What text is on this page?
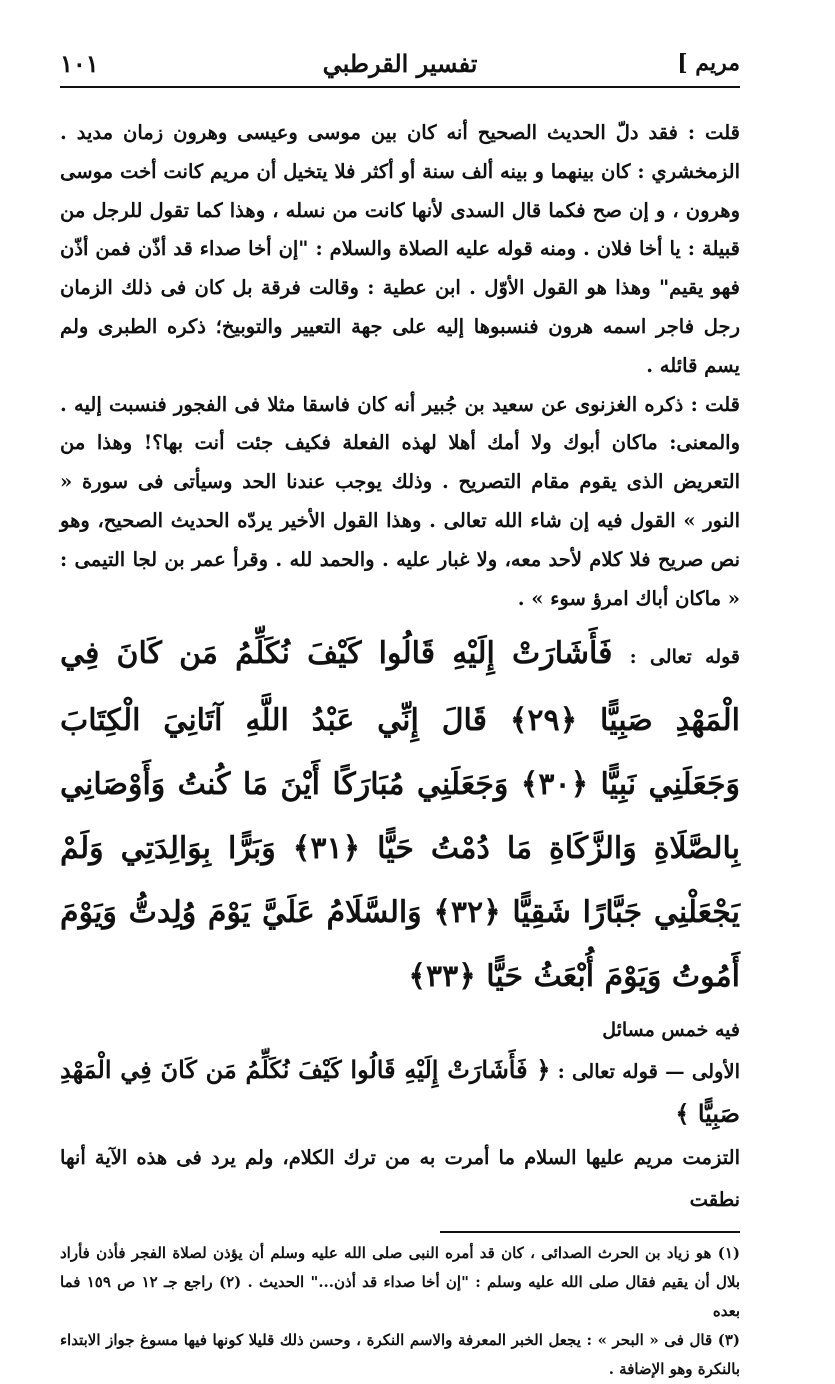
مريم ]
تفسير القرطبي
١٠١

قلت : فقد دلّ الحديث الصحيح أنه كان بين موسى وعيسى وهرون زمان مديد . الزمخشري : كان بينهما و بينه ألف سنة أو أكثر فلا يتخيل أن مريم كانت أخت موسى وهرون ، و إن صح فكما قال السدى لأنها كانت من نسله ، وهذا كما تقول للرجل من قبيلة : يا أخا فلان . ومنه قوله عليه الصلاة والسلام : "إن أخا صداء قد أذّن فمن أذّن فهو يقيم" وهذا هو القول الأوّل . ابن عطية : وقالت فرقة بل كان فى ذلك الزمان رجل فاجر اسمه هرون فنسبوها إليه على جهة التعيير والتوبيخ؛ ذكره الطبرى ولم يسم قائله .

قلت : ذكره الغزنوى عن سعيد بن جُبير أنه كان فاسقا مثلا فى الفجور فنسبت إليه . والمعنى: ماكان أبوك ولا أمك أهلا لهذه الفعلة فكيف جئت أنت بها؟! وهذا من التعريض الذى يقوم مقام التصريح . وذلك يوجب عندنا الحد وسيأتى فى سورة « النور » القول فيه إن شاء الله تعالى . وهذا القول الأخير يردّه الحديث الصحيح، وهو نص صريح فلا كلام لأحد معه، ولا غبار عليه . والحمد لله . وقرأ عمر بن لجا التيمى : « ماكان أباك امرؤ سوء » .

قوله تعالى : فَأَشَارَتْ إِلَيْهِ قَالُوا كَيْفَ نُكَلِّمُ مَن كَانَ فِي الْمَهْدِ صَبِيًّا ﴿٢٩﴾ قَالَ إِنِّي عَبْدُ اللَّهِ آتَانِيَ الْكِتَابَ وَجَعَلَنِي نَبِيًّا ﴿٣٠﴾ وَجَعَلَنِي مُبَارَكًا أَيْنَ مَا كُنتُ وَأَوْصَانِي بِالصَّلَاةِ وَالزَّكَاةِ مَا دُمْتُ حَيًّا ﴿٣١﴾ وَبَرًّا بِوَالِدَتِي وَلَمْ يَجْعَلْنِي جَبَّارًا شَقِيًّا ﴿٣٢﴾ وَالسَّلَامُ عَلَيَّ يَوْمَ وُلِدتُّ وَيَوْمَ أَمُوتُ وَيَوْمَ أُبْعَثُ حَيًّا ﴿٣٣﴾

فيه خمس مسائل

الأولى — قوله تعالى : ﴿ فَأَشَارَتْ إِلَيْهِ قَالُوا كَيْفَ نُكَلِّمُ مَن كَانَ فِي الْمَهْدِ صَبِيًّا ﴾

التزمت مريم عليها السلام ما أمرت به من ترك الكلام، ولم يرد فى هذه الآية أنها نطقت

(١) هو زياد بن الحرث الصدائى ، كان قد أمره النبى صلى الله عليه وسلم أن يؤذن لصلاة الفجر فأذن فأراد بلال أن يقيم فقال صلى الله عليه وسلم : "إن أخا صداء قد أذن..." الحديث . (٢) راجع جـ ١٢ ص ١٥٩ فما بعده

(٣) قال فى « البحر » : يجعل الخبر المعرفة والاسم النكرة ، وحسن ذلك قليلا كونها فيها مسوغ جواز الابتداء بالنكرة وهو الإضافة .
